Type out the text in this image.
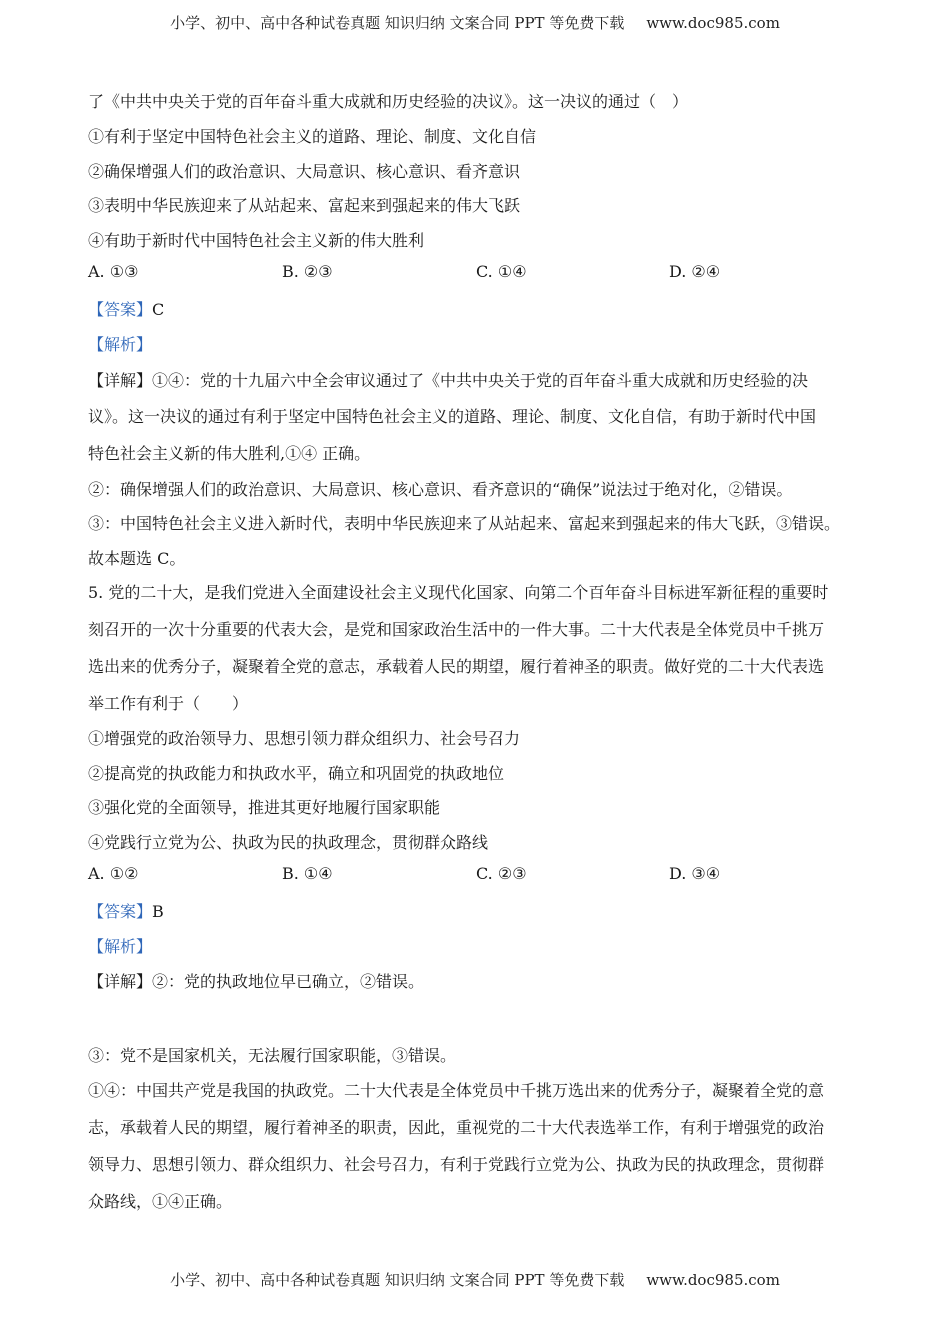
小学、初中、高中各种试卷真题 知识归纳 文案合同 PPT 等免费下载 www.doc985.com
了《中共中央关于党的百年奋斗重大成就和历史经验的决议》。这一决议的通过（　）
①有利于坚定中国特色社会主义的道路、理论、制度、文化自信
②确保增强人们的政治意识、大局意识、核心意识、看齐意识
③表明中华民族迎来了从站起来、富起来到强起来的伟大飞跃
④有助于新时代中国特色社会主义新的伟大胜利
A. ①③	B. ②③	C. ①④	D. ②④
【答案】C
【解析】
【详解】①④：党的十九届六中全会审议通过了《中共中央关于党的百年奋斗重大成就和历史经验的决
议》。这一决议的通过有利于坚定中国特色社会主义的道路、理论、制度、文化自信，有助于新时代中国
特色社会主义新的伟大胜利,①④ 正确。
②：确保增强人们的政治意识、大局意识、核心意识、看齐意识的“确保”说法过于绝对化，②错误。
③：中国特色社会主义进入新时代，表明中华民族迎来了从站起来、富起来到强起来的伟大飞跃，③错误。
故本题选 C。
5. 党的二十大，是我们党进入全面建设社会主义现代化国家、向第二个百年奋斗目标进军新征程的重要时
刻召开的一次十分重要的代表大会，是党和国家政治生活中的一件大事。二十大代表是全体党员中千挑万
选出来的优秀分子，凝聚着全党的意志，承载着人民的期望，履行着神圣的职责。做好党的二十大代表选
举工作有利于（　　）
①增强党的政治领导力、思想引领力群众组织力、社会号召力
②提高党的执政能力和执政水平，确立和巩固党的执政地位
③强化党的全面领导，推进其更好地履行国家职能
④党践行立党为公、执政为民的执政理念，贯彻群众路线
A. ①②	B. ①④	C. ②③	D. ③④
【答案】B
【解析】
【详解】②：党的执政地位早已确立，②错误。
③：党不是国家机关，无法履行国家职能，③错误。
①④：中国共产党是我国的执政党。二十大代表是全体党员中千挑万选出来的优秀分子，凝聚着全党的意
志，承载着人民的期望，履行着神圣的职责，因此，重视党的二十大代表选举工作，有利于增强党的政治
领导力、思想引领力、群众组织力、社会号召力，有利于党践行立党为公、执政为民的执政理念，贯彻群
众路线，①④正确。
小学、初中、高中各种试卷真题 知识归纳 文案合同 PPT 等免费下载 www.doc985.com
